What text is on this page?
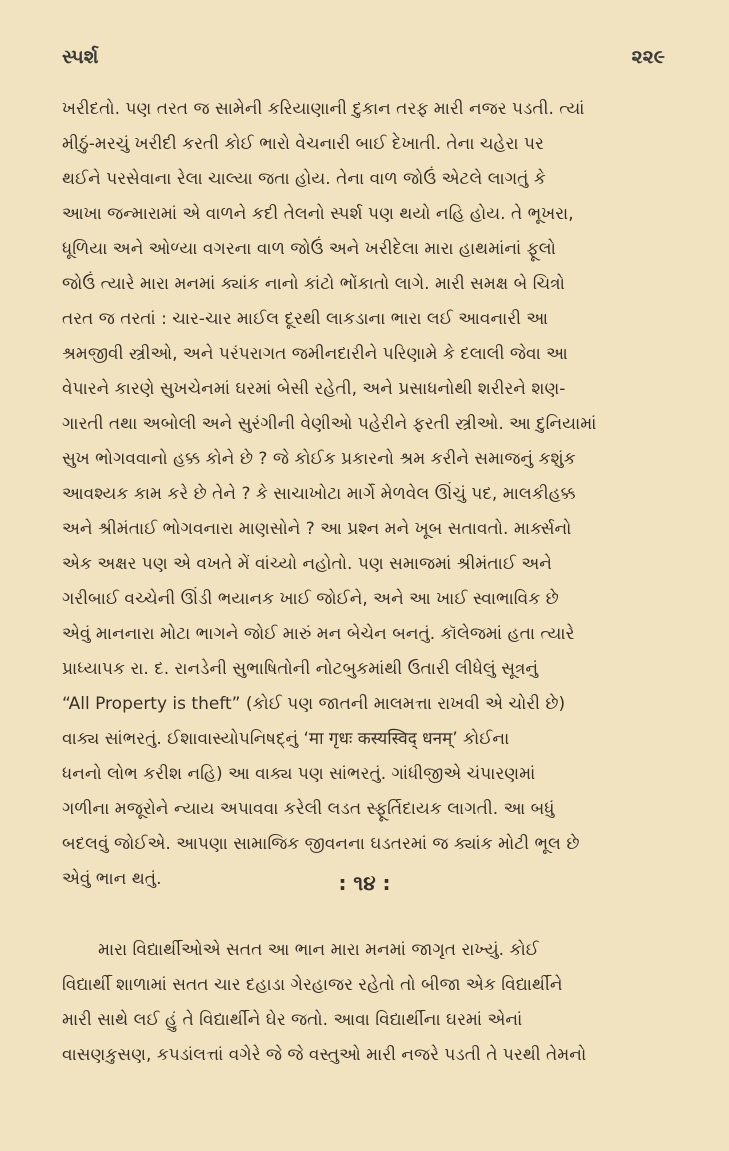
સ્પર્શ	૨૨૯
ખરીદતો. પણ તરત જ સામેની કરિયાણાની દુકાન તરફ મારી નજર પડતી. ત્યાં
મીઠું-મરચું ખરીદી કરતી કોઈ ભારો વેચનારી બાઈ દેખાતી. તેના ચહેરા પર
થઈને પરસેવાના રેલા ચાલ્યા જતા હોય. તેના વાળ જોઉં એટલે લાગતું કે
આખા જન્મારામાં એ વાળને કદી તેલનો સ્પર્શ પણ થયો નહિ હોય. તે ભૂખરા,
ધૂળિયા અને ઓળ્યા વગરના વાળ જોઉં અને ખરીદેલા મારા હાથમાંનાં ફૂલો
જોઉં ત્યારે મારા મનમાં ક્યાંક નાનો કાંટો ભોંકાતો લાગે. મારી સમક્ષ બે ચિત્રો
તરત જ તરતાં : ચાર-ચાર માઈલ દૂરથી લાકડાના ભારા લઈ આવનારી આ
શ્રમજીવી સ્ત્રીઓ, અને પરંપરાગત જમીનદારીને પરિણામે કે દલાલી જેવા આ
વેપારને કારણે સુખચેનમાં ઘરમાં બેસી રહેતી, અને પ્રસાધનોથી શરીરને શણ-
ગારતી તથા અબોલી અને સુરંગીની વેણીઓ પહેરીને ફરતી સ્ત્રીઓ. આ દુનિયામાં
સુખ ભોગવવાનો હક્ક કોને છે ? જે કોઈક પ્રકારનો શ્રમ કરીને સમાજનું કશુંક
આવશ્યક કામ કરે છે તેને ? કે સાચાખોટા માર્ગે મેળવેલ ઊંચું પદ, માલકીહક્ક
અને શ્રીમંતાઈ ભોગવનારા માણસોને ? આ પ્રશ્ન મને ખૂબ સતાવતો. માર્ક્સનો
એક અક્ષર પણ એ વખતે મેં વાંચ્યો નહોતો. પણ સમાજમાં શ્રીમંતાઈ અને
ગરીબાઈ વચ્ચેની ઊંડી ભયાનક ખાઈ જોઈને, અને આ ખાઈ સ્વાભાવિક છે
એવું માનનારા મોટા ભાગને જોઈ મારું મન બેચેન બનતું. કૉલેજમાં હતા ત્યારે
પ્રાધ્યાપક રા. દ. રાનડેની સુભાષિતોની નોટબુકમાંથી ઉતારી લીધેલું સૂત્રનું
“All Property is theft” (કોઈ પણ જાતની માલમત્તા રાખવી એ ચોરી છે)
વાક્ય સાંભરતું. ઈશાવાસ્યોપનિષદ્નું ‘मा गृधः कस्यस्विद् धनम्’ કોઈના
ધનનો લોભ કરીશ નહિ) આ વાક્ય પણ સાંભરતું. ગાંધીજીએ ચંપારણમાં
ગળીના મજૂરોને ન્યાય અપાવવા કરેલી લડત સ્ફૂર્તિદાયક લાગતી. આ બધું
બદલવું જોઈએ. આપણા સામાજિક જીવનના ઘડતરમાં જ ક્યાંક મોટી ભૂલ છે
એવું ભાન થતું.	: ૧૪ :
મારા વિદ્યાર્થીઓએ સતત આ ભાન મારા મનમાં જાગૃત રાખ્યું. કોઈ
વિદ્યાર્થી શાળામાં સતત ચાર દહાડા ગેરહાજર રહેતો તો બીજા એક વિદ્યાર્થીને
મારી સાથે લઈ હું તે વિદ્યાર્થીને ઘેર જતો. આવા વિદ્યાર્થીના ઘરમાં એનાં
વાસણકુસણ, કપડાંલત્તાં વગેરે જે જે વસ્તુઓ મારી નજરે પડતી તે પરથી તેમનો
